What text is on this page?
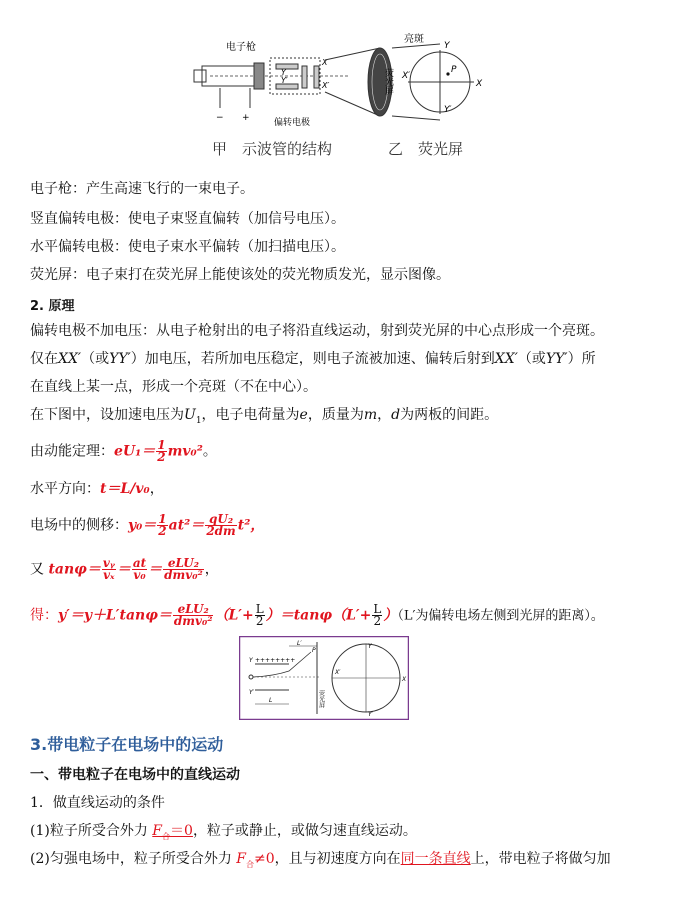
− +
电子枪
偏转电极
Y
Y′
X
X′	荧光屏
亮斑
Y
Y′
X
X′
P
甲　示波管的结构	乙　荧光屏
电子枪：产生高速飞行的一束电子。
竖直偏转电极：使电子束竖直偏转（加信号电压）。
水平偏转电极：使电子束水平偏转（加扫描电压）。
荧光屏：电子束打在荧光屏上能使该处的荧光物质发光，显示图像。
2. 原理
偏转电极不加电压：从电子枪射出的电子将沿直线运动，射到荧光屏的中心点形成一个亮斑。
仅在XX′（或YY′）加电压，若所加电压稳定，则电子流被加速、偏转后射到XX′（或YY′）所
在直线上某一点，形成一个亮斑（不在中心）。
在下图中，设加速电压为$U_1$，电子电荷量为e，质量为m，d为两板的间距。
由动能定理：$eU_1= \frac{1}{2} mv_0^2$。
水平方向：t＝L/v₀，
电场中的侧移：$y_0= \frac{1}{2} at^2= \frac{\text{qU₂}}{2dm} t^2$，
又 $\tan\varphi= \frac{\text{vᵧ}}{\text{vₓ}} = \frac{at}{\text{v₀}} = \frac{\text{eLU₂}}{\text{dmv₀²}}$ ，
得：$y'=y+L'\tan\varphi= \frac{\text{eLU₂}}{\text{dmv₀²}} (L'+ \frac{L}{2} )=\tan\varphi(L'+ \frac{L}{2} )(L'$为偏转电场左侧到光屏的距离）。
Y ++++++++
Y′
L
L′
P
荧光屏
Y
Y′
X
X′
3.带电粒子在电场中的运动
一、带电粒子在电场中的直线运动
1．做直线运动的条件
(1)粒子所受合外力 $F_合=0$，粒子或静止，或做匀速直线运动。
(2)匀强电场中，粒子所受合外力 $F_合\ne 0$，且与初速度方向在同一条直线上，带电粒子将做匀加
